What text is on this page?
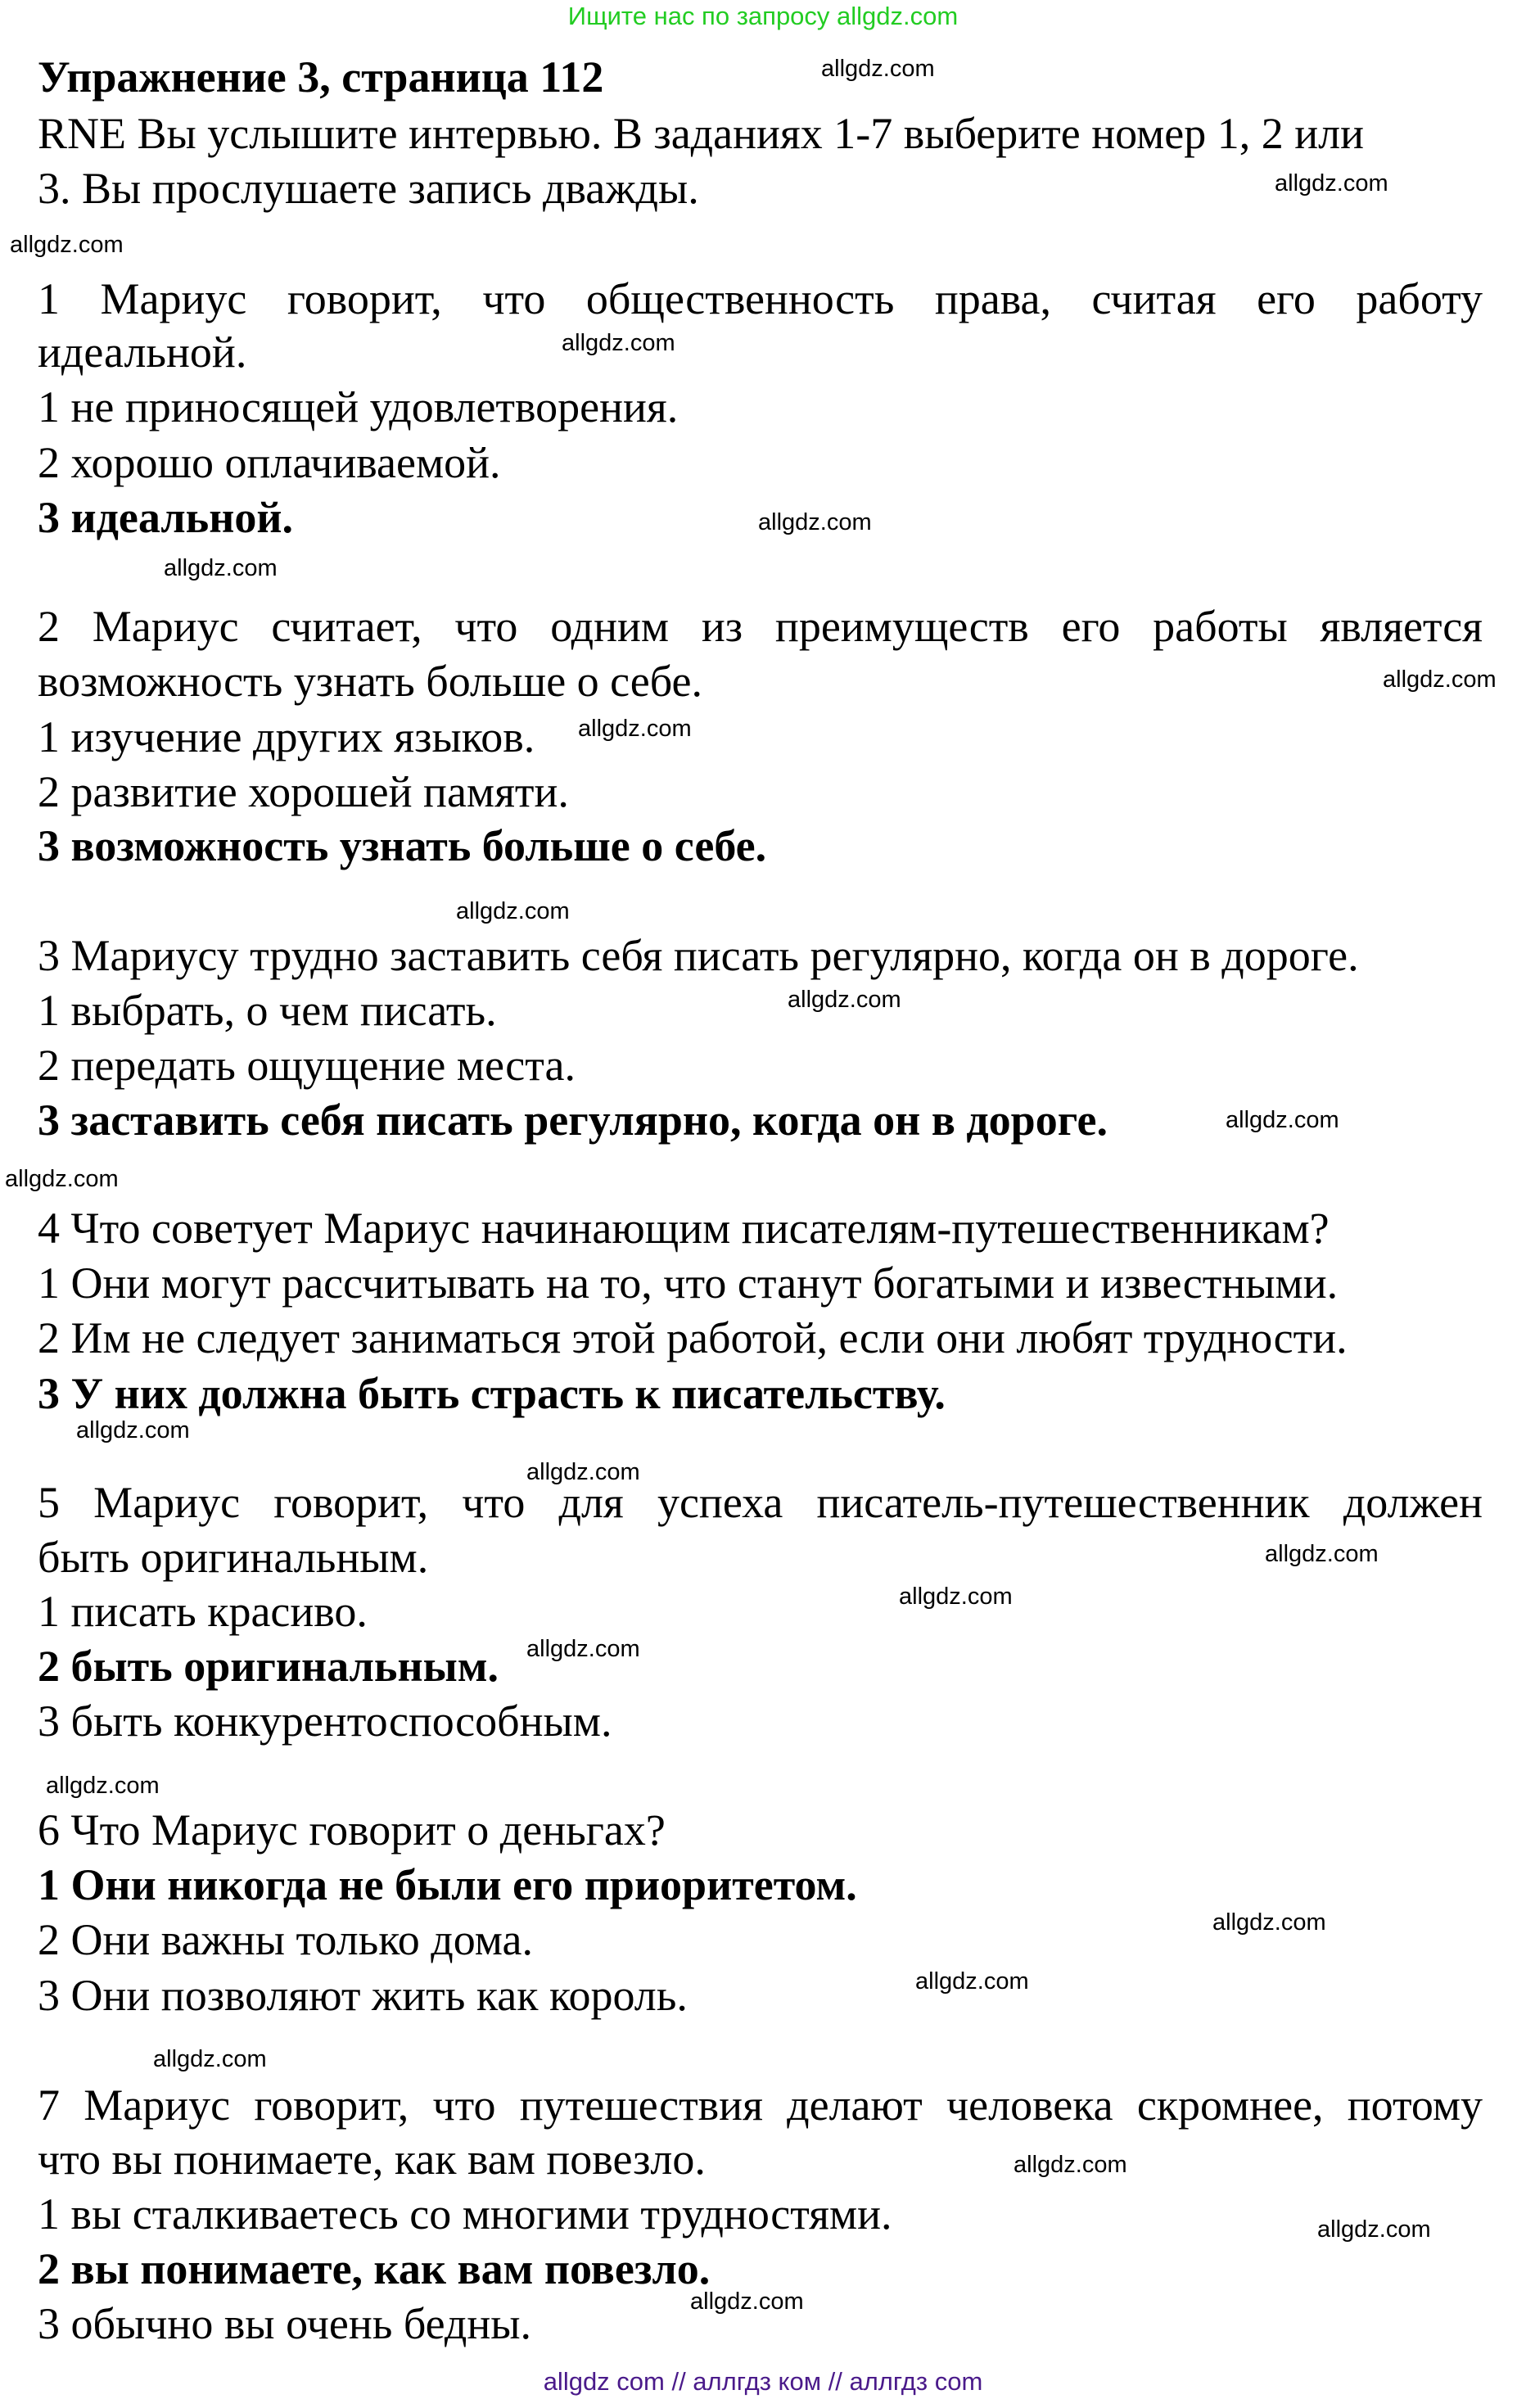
Ищите нас по запросу allgdz.com
Упражнение 3, страница 112
RNE Вы услышите интервью. В заданиях 1-7 выберите номер 1, 2 или
3. Вы прослушаете запись дважды.
1 Мариус говорит, что общественность права, считая его работу
идеальной.
1 не приносящей удовлетворения.
2 хорошо оплачиваемой.
3 идеальной.
2 Мариус считает, что одним из преимуществ его работы является
возможность узнать больше о себе.
1 изучение других языков.
2 развитие хорошей памяти.
3 возможность узнать больше о себе.
3 Мариусу трудно заставить себя писать регулярно, когда он в дороге.
1 выбрать, о чем писать.
2 передать ощущение места.
3 заставить себя писать регулярно, когда он в дороге.
4 Что советует Мариус начинающим писателям-путешественникам?
1 Они могут рассчитывать на то, что станут богатыми и известными.
2 Им не следует заниматься этой работой, если они любят трудности.
3 У них должна быть страсть к писательству.
5 Мариус говорит, что для успеха писатель-путешественник должен
быть оригинальным.
1 писать красиво.
2 быть оригинальным.
3 быть конкурентоспособным.
6 Что Мариус говорит о деньгах?
1 Они никогда не были его приоритетом.
2 Они важны только дома.
3 Они позволяют жить как король.
7 Мариус говорит, что путешествия делают человека скромнее, потому
что вы понимаете, как вам повезло.
1 вы сталкиваетесь со многими трудностями.
2 вы понимаете, как вам повезло.
3 обычно вы очень бедны.
allgdz.com
allgdz.com
allgdz.com
allgdz.com
allgdz.com
allgdz.com
allgdz.com
allgdz.com
allgdz.com
allgdz.com
allgdz.com
allgdz.com
allgdz.com
allgdz.com
allgdz.com
allgdz.com
allgdz.com
allgdz.com
allgdz.com
allgdz.com
allgdz.com
allgdz.com
allgdz.com
allgdz.com
allgdz com // аллгдз ком // аллгдз com
